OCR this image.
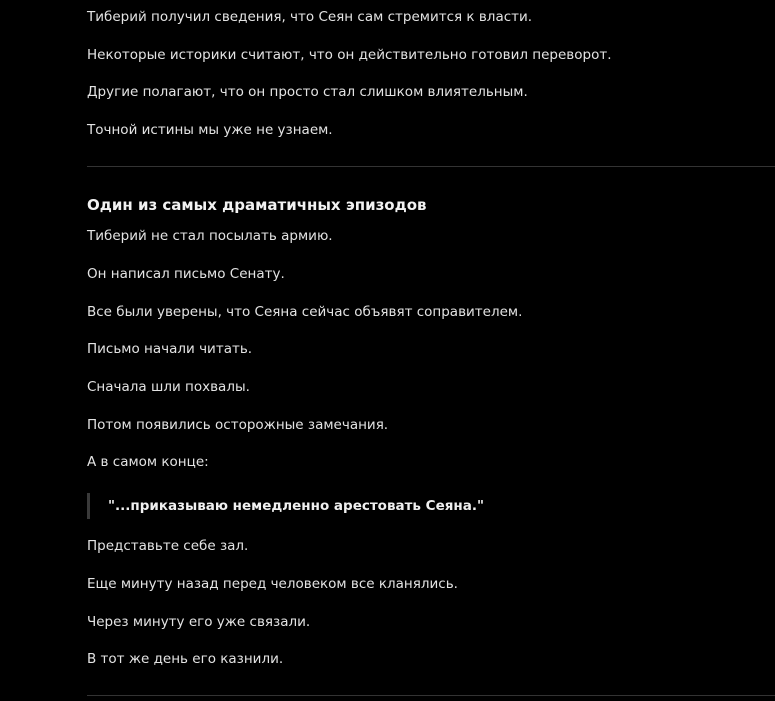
Тиберий получил сведения, что Сеян сам стремится к власти.

Некоторые историки считают, что он действительно готовил переворот.

Другие полагают, что он просто стал слишком влиятельным.

Точной истины мы уже не узнаем.

Один из самых драматичных эпизодов

Тиберий не стал посылать армию.

Он написал письмо Сенату.

Все были уверены, что Сеяна сейчас объявят соправителем.

Письмо начали читать.

Сначала шли похвалы.

Потом появились осторожные замечания.

А в самом конце:

"...приказываю немедленно арестовать Сеяна."

Представьте себе зал.

Еще минуту назад перед человеком все кланялись.

Через минуту его уже связали.

В тот же день его казнили.
